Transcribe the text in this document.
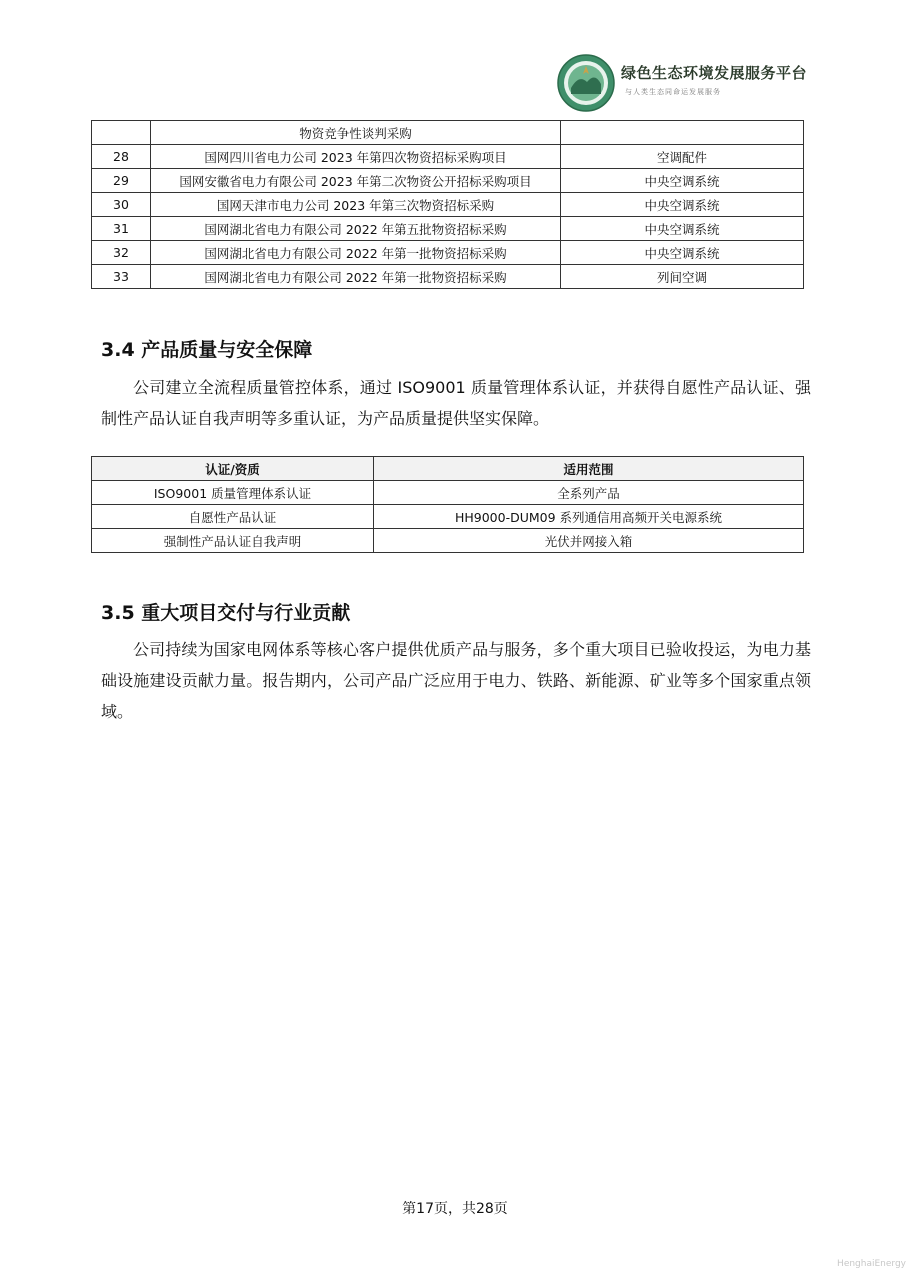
绿色生态环境发展服务平台
与人类生态同命运发展服务
	物资竞争性谈判采购	
28	国网四川省电力公司 2023 年第四次物资招标采购项目	空调配件
29	国网安徽省电力有限公司 2023 年第二次物资公开招标采购项目	中央空调系统
30	国网天津市电力公司 2023 年第三次物资招标采购	中央空调系统
31	国网湖北省电力有限公司 2022 年第五批物资招标采购	中央空调系统
32	国网湖北省电力有限公司 2022 年第一批物资招标采购	中央空调系统
33	国网湖北省电力有限公司 2022 年第一批物资招标采购	列间空调
3.4 产品质量与安全保障
公司建立全流程质量管控体系，通过 ISO9001 质量管理体系认证，并获得自愿性产品认证、强制性产品认证自我声明等多重认证，为产品质量提供坚实保障。
认证/资质	适用范围
ISO9001 质量管理体系认证	全系列产品
自愿性产品认证	HH9000-DUM09 系列通信用高频开关电源系统
强制性产品认证自我声明	光伏并网接入箱
3.5 重大项目交付与行业贡献
公司持续为国家电网体系等核心客户提供优质产品与服务，多个重大项目已验收投运，为电力基础设施建设贡献力量。报告期内，公司产品广泛应用于电力、铁路、新能源、矿业等多个国家重点领域。
第17页，共28页
HenghaiEnergy
